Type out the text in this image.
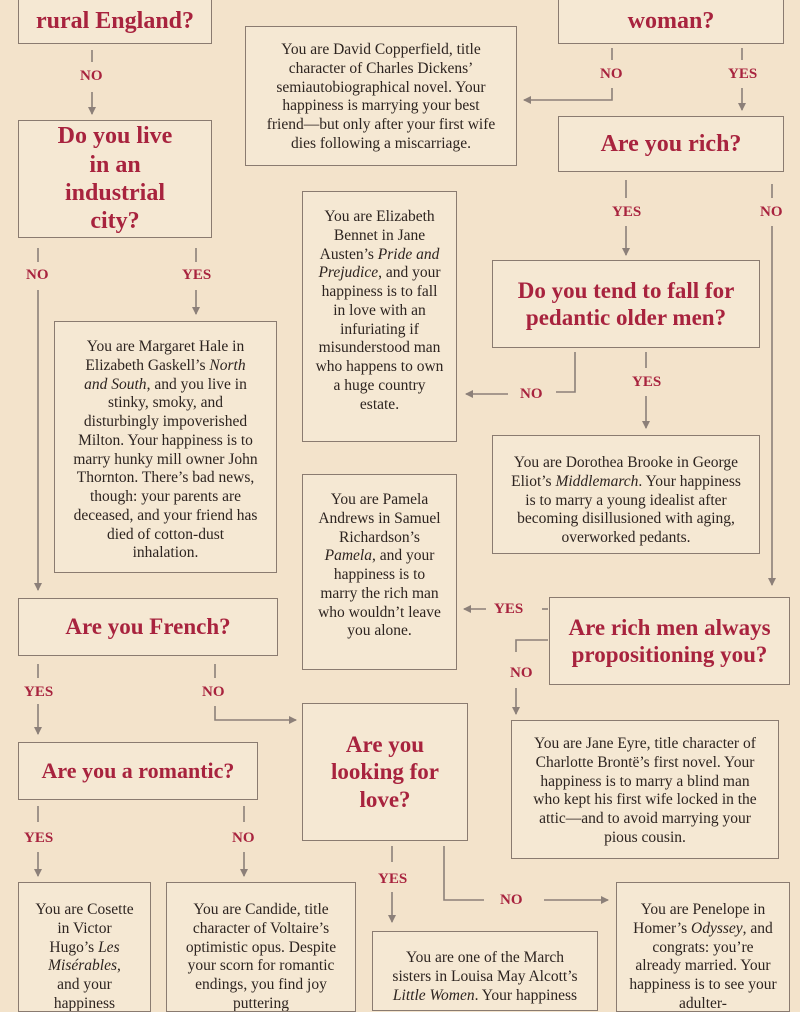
rural England?	woman?
Do you live in an industrial city?
Are you rich?
Do you tend to fall for pedantic older men?
Are you French?	Are rich men always propositioning you?
Are you a romantic?
Are you looking for love?
You are David Copperfield, title character of Charles Dickens’ semiautobiographical novel. Your happiness is marrying your best friend—but only after your first wife dies following a miscarriage.
You are Elizabeth Bennet in Jane Austen’s Pride and Prejudice, and your happiness is to fall in love with an infuriating if misunderstood man who happens to own a huge country estate.
You are Margaret Hale in Elizabeth Gaskell’s North and South, and you live in stinky, smoky, and disturbingly impoverished Milton. Your happiness is to marry hunky mill owner John Thornton. There’s bad news, though: your parents are deceased, and your friend has died of cotton-dust inhalation.
You are Dorothea Brooke in George Eliot’s Middlemarch. Your happiness is to marry a young idealist after becoming disillusioned with aging, overworked pedants.
You are Pamela Andrews in Samuel Richardson’s Pamela, and your happiness is to marry the rich man who wouldn’t leave you alone.
You are Jane Eyre, title character of Charlotte Brontë’s first novel. Your happiness is to marry a blind man who kept his first wife locked in the attic—and to avoid marrying your pious cousin.
You are Cosette in Victor Hugo’s Les Misérables, and your happiness
You are Candide, title character of Voltaire’s optimistic opus. Despite your scorn for romantic endings, you find joy puttering
You are one of the March sisters in Louisa May Alcott’s Little Women. Your happiness
You are Penelope in Homer’s Odyssey, and congrats: you’re already married. Your happiness is to see your adulter-
NO	NO	YES
YES	NO
NO	YES
YES
NO
YES
NO
YES	NO
YES	NO
YES
NO
